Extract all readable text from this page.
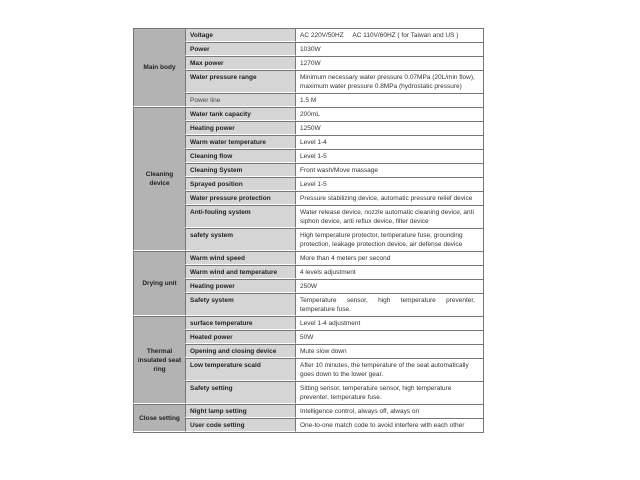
Main body	Voltage	AC 220V/50HZ     AC 110V/60HZ ( for Taiwan and US )
	Power	1030W
	Max power	1270W
	Water pressure range	Minimum necessary water pressure 0.07MPa (20L/min flow), maximum water pressure 0.8MPa (hydrostatic pressure)
	Power line	1.5 M
Cleaning device	Water tank capacity	200mL
	Heating power	1250W
	Warm water temperature	Level 1-4
	Cleaning flow	Level 1-5
	Cleaning System	Front wash/Move massage
	Sprayed position	Level 1-5
	Water pressure protection	Pressure stabilizing device, automatic pressure relief device
	Anti-fouling system	Water release device, nozzle automatic cleaning device, anti siphon device, anti reflux device, filter device
	safety system	High temperature protector, temperature fuse, grounding protection, leakage protection device, air defense device
Drying unit	Warm wind speed	More than 4 meters per second
	Warm wind and temperature	4 levels adjustment
	Heating power	250W
	Safety system	Temperature sensor, high temperature preventer, temperature fuse.
Thermal insulated seat ring	surface temperature	Level 1-4 adjustment
	Heated power	50W
	Opening and closing device	Mute slow down
	Low temperature scald	After 10 minutes, the temperature of the seat automatically goes down to the lower gear.
	Safety setting	Sitting sensor, temperature sensor, high temperature preventer, temperature fuse.
Close setting	Night lamp setting	Intelligence control, always off, always on
	User code setting	One-to-one match code to avoid interfere with each other
